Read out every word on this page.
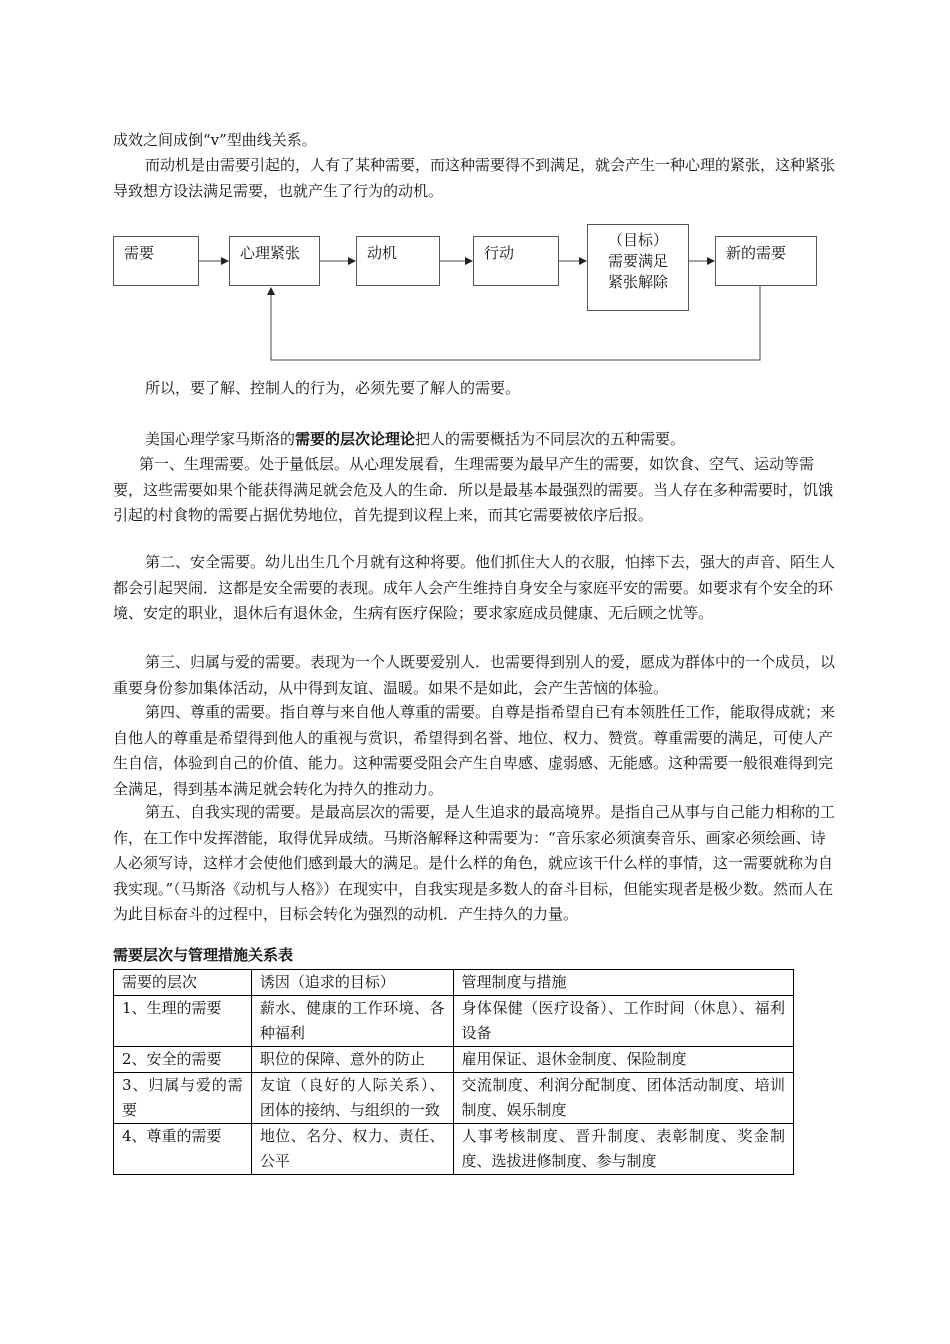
成效之间成倒“v”型曲线关系。

而动机是由需要引起的，人有了某种需要，而这种需要得不到满足，就会产生一种心理的紧张，这种紧张导致想方设法满足需要，也就产生了行为的动机。

需要	心理紧张	动机	行动
（目标）
需要满足
紧张解除
新的需要

所以，要了解、控制人的行为，必须先要了解人的需要。

美国心理学家马斯洛的需要的层次论理论把人的需要概括为不同层次的五种需要。

第一、生理需要。处于量低层。从心理发展看，生理需要为最早产生的需要，如饮食、空气、运动等需要，这些需要如果个能获得满足就会危及人的生命．所以是最基本最强烈的需要。当人存在多种需要时，饥饿引起的村食物的需要占据优势地位，首先提到议程上来，而其它需要被依序后报。

第二、安全需要。幼儿出生几个月就有这种将要。他们抓住大人的衣服，怕摔下去，强大的声音、陌生人都会引起哭闹．这都是安全需要的表现。成年人会产生维持自身安全与家庭平安的需要。如要求有个安全的环境、安定的职业，退休后有退休金，生病有医疗保险；要求家庭成员健康、无后顾之忧等。

第三、归属与爱的需要。表现为一个人既要爱别人．也需要得到别人的爱，愿成为群体中的一个成员，以重要身份参加集体活动，从中得到友谊、温暖。如果不是如此，会产生苦恼的体验。

第四、尊重的需要。指自尊与来自他人尊重的需要。自尊是指希望自已有本领胜任工作，能取得成就；来自他人的尊重是希望得到他人的重视与赏识，希望得到名誉、地位、权力、赞赏。尊重需要的满足，可使人产生自信，体验到自己的价值、能力。这种需要受阻会产生自卑感、虚弱感、无能感。这种需要一般很难得到完全满足，得到基本满足就会转化为持久的推动力。

第五、自我实现的需要。是最高层次的需要，是人生追求的最高境界。是指自己从事与自己能力相称的工作，在工作中发挥潜能，取得优异成绩。马斯洛解释这种需要为：“音乐家必须演奏音乐、画家必须绘画、诗人必须写诗，这样才会使他们感到最大的满足。是什么样的角色，就应该干什么样的事情，这一需要就称为自我实现。”（马斯洛《动机与人格》）在现实中，自我实现是多数人的奋斗目标，但能实现者是极少数。然而人在为此目标奋斗的过程中，目标会转化为强烈的动机．产生持久的力量。

需要层次与管理措施关系表
需要的层次	诱因（追求的目标）	管理制度与措施
1、生理的需要	薪水、健康的工作环境、各种福利	身体保健（医疗设备）、工作时间（休息）、福利设备
2、安全的需要	职位的保障、意外的防止	雇用保证、退休金制度、保险制度
3、归属与爱的需要	友谊（良好的人际关系）、团体的接纳、与组织的一致	交流制度、利润分配制度、团体活动制度、培训制度、娱乐制度
4、尊重的需要	地位、名分、权力、责任、公平	人事考核制度、晋升制度、表彰制度、奖金制度、选拔进修制度、参与制度
